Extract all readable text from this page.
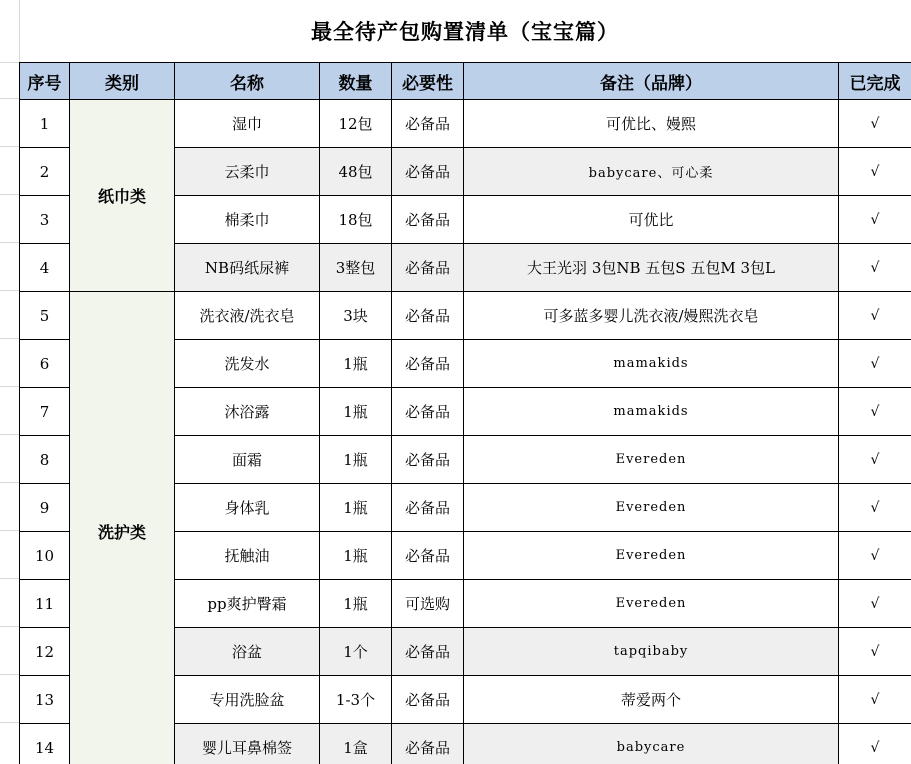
最全待产包购置清单（宝宝篇）
序号	类别	名称	数量	必要性	备注（品牌）	已完成
1	纸巾类	湿巾	12包	必备品	可优比、嫚熙	√
2		云柔巾	48包	必备品	babycare、可心柔	√
3		棉柔巾	18包	必备品	可优比	√
4		NB码纸尿裤	3整包	必备品	大王光羽 3包NB 五包S 五包M 3包L	√
5	洗护类	洗衣液/洗衣皂	3块	必备品	可多蓝多婴儿洗衣液/嫚熙洗衣皂	√
6		洗发水	1瓶	必备品	mamakids	√
7		沐浴露	1瓶	必备品	mamakids	√
8		面霜	1瓶	必备品	Evereden	√
9		身体乳	1瓶	必备品	Evereden	√
10		抚触油	1瓶	必备品	Evereden	√
11		pp爽护臀霜	1瓶	可选购	Evereden	√
12		浴盆	1个	必备品	tapqibaby	√
13		专用洗脸盆	1-3个	必备品	蒂爱两个	√
14		婴儿耳鼻棉签	1盒	必备品	babycare	√
